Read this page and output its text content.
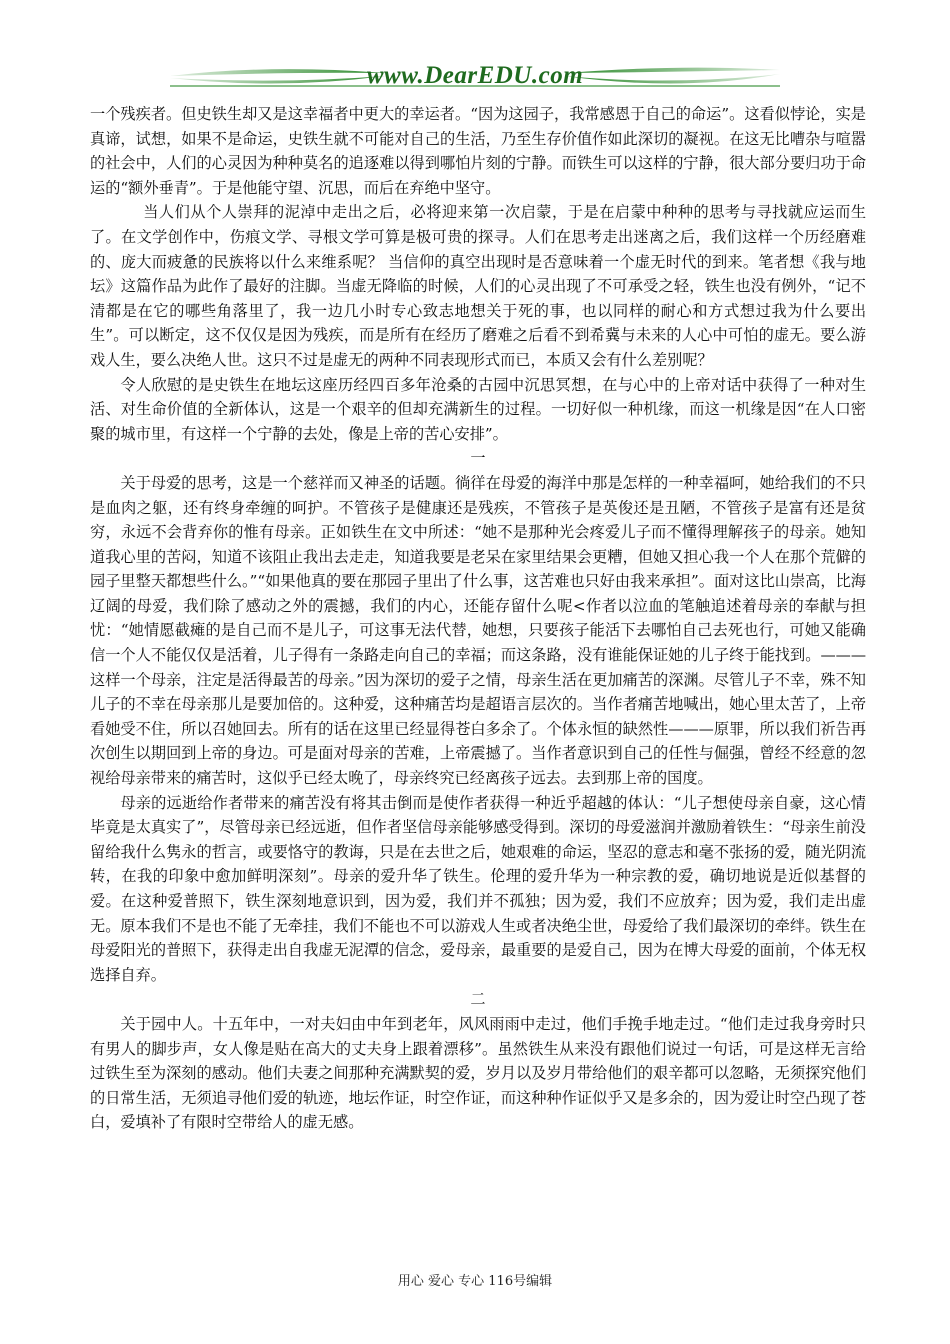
www.DearEDU.com

一个残疾者。但史铁生却又是这幸福者中更大的幸运者。“因为这园子，我常感恩于自己的命运”。这看似悖论，实是真谛，试想，如果不是命运，史铁生就不可能对自己的生活，乃至生存价值作如此深切的凝视。在这无比嘈杂与喧嚣的社会中，人们的心灵因为种种莫名的追逐难以得到哪怕片刻的宁静。而铁生可以这样的宁静，很大部分要归功于命运的“额外垂青”。于是他能守望、沉思，而后在弃绝中坚守。

当人们从个人崇拜的泥淖中走出之后，必将迎来第一次启蒙，于是在启蒙中种种的思考与寻找就应运而生了。在文学创作中，伤痕文学、寻根文学可算是极可贵的探寻。人们在思考走出迷离之后，我们这样一个历经磨难的、庞大而疲惫的民族将以什么来维系呢？ 当信仰的真空出现时是否意味着一个虚无时代的到来。笔者想《我与地坛》这篇作品为此作了最好的注脚。当虚无降临的时候，人们的心灵出现了不可承受之轻，铁生也没有例外，“记不清都是在它的哪些角落里了，我一边几小时专心致志地想关于死的事，也以同样的耐心和方式想过我为什么要出生”。可以断定，这不仅仅是因为残疾，而是所有在经历了磨难之后看不到希冀与未来的人心中可怕的虚无。要么游戏人生，要么决绝人世。这只不过是虚无的两种不同表现形式而已，本质又会有什么差别呢？

令人欣慰的是史铁生在地坛这座历经四百多年沧桑的古园中沉思冥想，在与心中的上帝对话中获得了一种对生活、对生命价值的全新体认，这是一个艰辛的但却充满新生的过程。一切好似一种机缘，而这一机缘是因“在人口密聚的城市里，有这样一个宁静的去处，像是上帝的苦心安排”。

一

关于母爱的思考，这是一个慈祥而又神圣的话题。徜徉在母爱的海洋中那是怎样的一种幸福呵，她给我们的不只是血肉之躯，还有终身牵缠的呵护。不管孩子是健康还是残疾，不管孩子是英俊还是丑陋，不管孩子是富有还是贫穷，永远不会背弃你的惟有母亲。正如铁生在文中所述：“她不是那种光会疼爱儿子而不懂得理解孩子的母亲。她知道我心里的苦闷，知道不该阻止我出去走走，知道我要是老呆在家里结果会更糟，但她又担心我一个人在那个荒僻的园子里整天都想些什么。”“如果他真的要在那园子里出了什么事，这苦难也只好由我来承担”。面对这比山崇高，比海辽阔的母爱，我们除了感动之外的震撼，我们的内心，还能存留什么呢<作者以泣血的笔触追述着母亲的奉献与担忧：“她情愿截瘫的是自己而不是儿子，可这事无法代替，她想，只要孩子能活下去哪怕自己去死也行，可她又能确信一个人不能仅仅是活着，儿子得有一条路走向自己的幸福；而这条路，没有谁能保证她的儿子终于能找到。———这样一个母亲，注定是活得最苦的母亲。”因为深切的爱子之情，母亲生活在更加痛苦的深渊。尽管儿子不幸，殊不知儿子的不幸在母亲那儿是要加倍的。这种爱，这种痛苦均是超语言层次的。当作者痛苦地喊出，她心里太苦了，上帝看她受不住，所以召她回去。所有的话在这里已经显得苍白多余了。个体永恒的缺然性———原罪，所以我们祈告再次创生以期回到上帝的身边。可是面对母亲的苦难，上帝震撼了。当作者意识到自己的任性与倔强，曾经不经意的忽视给母亲带来的痛苦时，这似乎已经太晚了，母亲终究已经离孩子远去。去到那上帝的国度。

母亲的远逝给作者带来的痛苦没有将其击倒而是使作者获得一种近乎超越的体认：“儿子想使母亲自豪，这心情毕竟是太真实了”，尽管母亲已经远逝，但作者坚信母亲能够感受得到。深切的母爱滋润并激励着铁生：“母亲生前没留给我什么隽永的哲言，或要恪守的教诲，只是在去世之后，她艰难的命运，坚忍的意志和毫不张扬的爱，随光阴流转，在我的印象中愈加鲜明深刻”。母亲的爱升华了铁生。伦理的爱升华为一种宗教的爱，确切地说是近似基督的爱。在这种爱普照下，铁生深刻地意识到，因为爱，我们并不孤独；因为爱，我们不应放弃；因为爱，我们走出虚无。原本我们不是也不能了无牵挂，我们不能也不可以游戏人生或者决绝尘世，母爱给了我们最深切的牵绊。铁生在母爱阳光的普照下，获得走出自我虚无泥潭的信念，爱母亲，最重要的是爱自己，因为在博大母爱的面前，个体无权选择自弃。

二

关于园中人。十五年中，一对夫妇由中年到老年，风风雨雨中走过，他们手挽手地走过。“他们走过我身旁时只有男人的脚步声，女人像是贴在高大的丈夫身上跟着漂移”。虽然铁生从来没有跟他们说过一句话，可是这样无言给过铁生至为深刻的感动。他们夫妻之间那种充满默契的爱，岁月以及岁月带给他们的艰辛都可以忽略，无须探究他们的日常生活，无须追寻他们爱的轨迹，地坛作证，时空作证，而这种种作证似乎又是多余的，因为爱让时空凸现了苍白，爱填补了有限时空带给人的虚无感。

用心 爱心 专心 116号编辑
